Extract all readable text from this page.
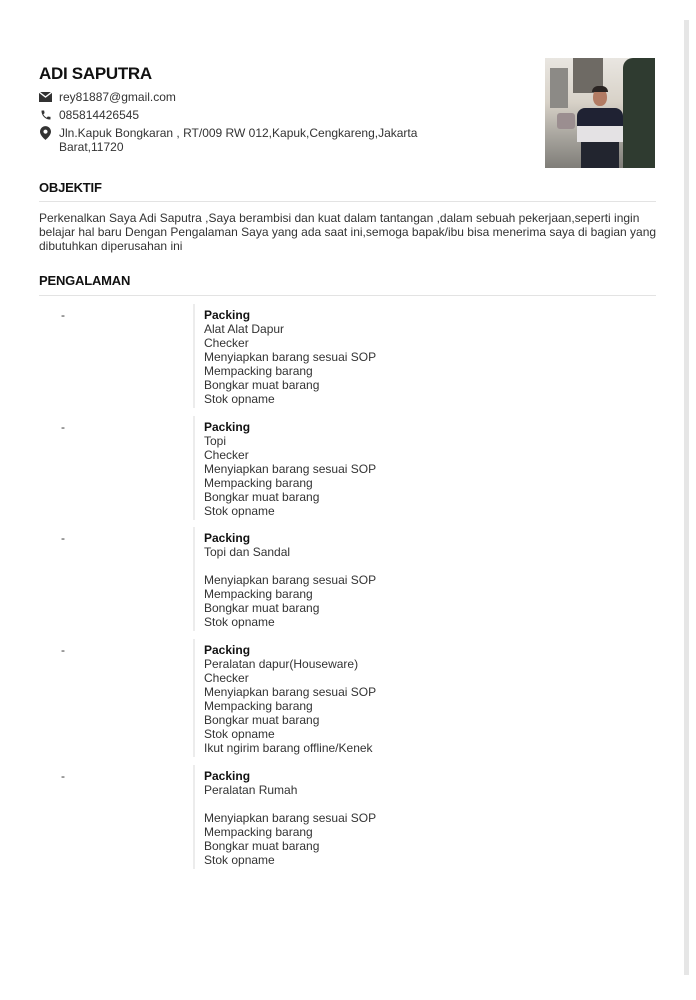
ADI SAPUTRA
rey81887@gmail.com
085814426545
Jln.Kapuk Bongkaran , RT/009 RW 012,Kapuk,Cengkareng,Jakarta Barat,11720
OBJEKTIF
Perkenalkan Saya Adi Saputra ,Saya berambisi dan kuat dalam tantangan ,dalam sebuah pekerjaan,seperti ingin belajar hal baru Dengan Pengalaman Saya yang ada saat ini,semoga bapak/ibu bisa menerima saya di bagian yang dibutuhkan diperusahan ini
PENGALAMAN
-	Packing
Alat Alat Dapur
Checker
Menyiapkan barang sesuai SOP
Mempacking barang
Bongkar muat barang
Stok opname
-	Packing
Topi
Checker
Menyiapkan barang sesuai SOP
Mempacking barang
Bongkar muat barang
Stok opname
-	Packing
Topi dan Sandal
Menyiapkan barang sesuai SOP
Mempacking barang
Bongkar muat barang
Stok opname
-	Packing
Peralatan dapur(Houseware)
Checker
Menyiapkan barang sesuai SOP
Mempacking barang
Bongkar muat barang
Stok opname
Ikut ngirim barang offline/Kenek
-	Packing
Peralatan Rumah
Menyiapkan barang sesuai SOP
Mempacking barang
Bongkar muat barang
Stok opname
